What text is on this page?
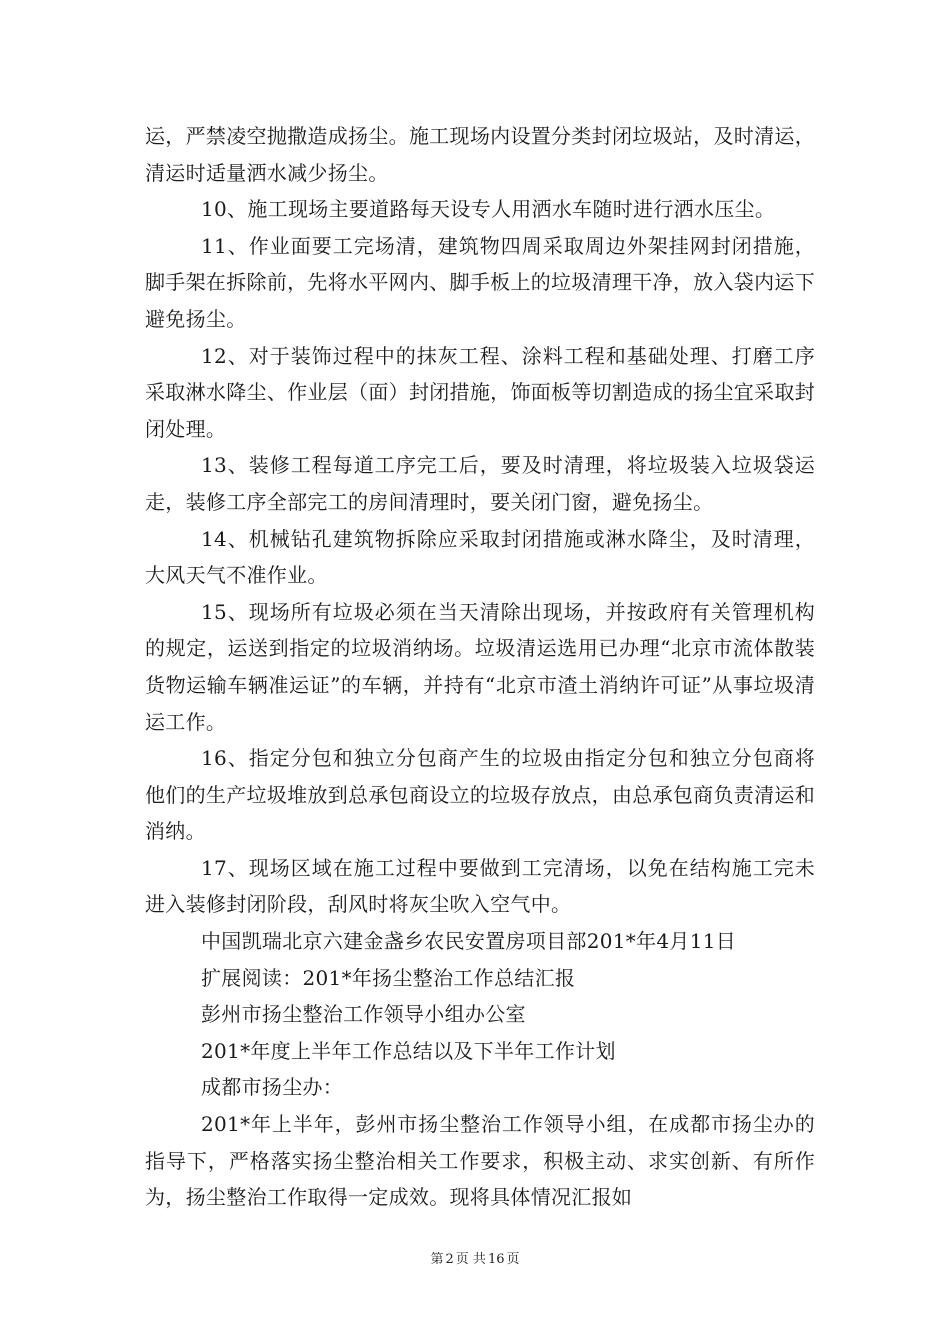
运，严禁凌空抛撒造成扬尘。施工现场内设置分类封闭垃圾站，及时清运，清运时适量洒水减少扬尘。

10、施工现场主要道路每天设专人用洒水车随时进行洒水压尘。

11、作业面要工完场清，建筑物四周采取周边外架挂网封闭措施，脚手架在拆除前，先将水平网内、脚手板上的垃圾清理干净，放入袋内运下避免扬尘。

12、对于装饰过程中的抹灰工程、涂料工程和基础处理、打磨工序采取淋水降尘、作业层（面）封闭措施，饰面板等切割造成的扬尘宜采取封闭处理。

13、装修工程每道工序完工后，要及时清理，将垃圾装入垃圾袋运走，装修工序全部完工的房间清理时，要关闭门窗，避免扬尘。

14、机械钻孔建筑物拆除应采取封闭措施或淋水降尘，及时清理，大风天气不准作业。

15、现场所有垃圾必须在当天清除出现场，并按政府有关管理机构的规定，运送到指定的垃圾消纳场。垃圾清运选用已办理“北京市流体散装货物运输车辆准运证”的车辆，并持有“北京市渣土消纳许可证”从事垃圾清运工作。

16、指定分包和独立分包商产生的垃圾由指定分包和独立分包商将他们的生产垃圾堆放到总承包商设立的垃圾存放点，由总承包商负责清运和消纳。

17、现场区域在施工过程中要做到工完清场，以免在结构施工完未进入装修封闭阶段，刮风时将灰尘吹入空气中。

中国凯瑞北京六建金盏乡农民安置房项目部201*年4月11日

扩展阅读：201*年扬尘整治工作总结汇报

彭州市扬尘整治工作领导小组办公室

201*年度上半年工作总结以及下半年工作计划

成都市扬尘办：

201*年上半年，彭州市扬尘整治工作领导小组，在成都市扬尘办的指导下，严格落实扬尘整治相关工作要求，积极主动、求实创新、有所作为，扬尘整治工作取得一定成效。现将具体情况汇报如

第 2 页 共 16 页
